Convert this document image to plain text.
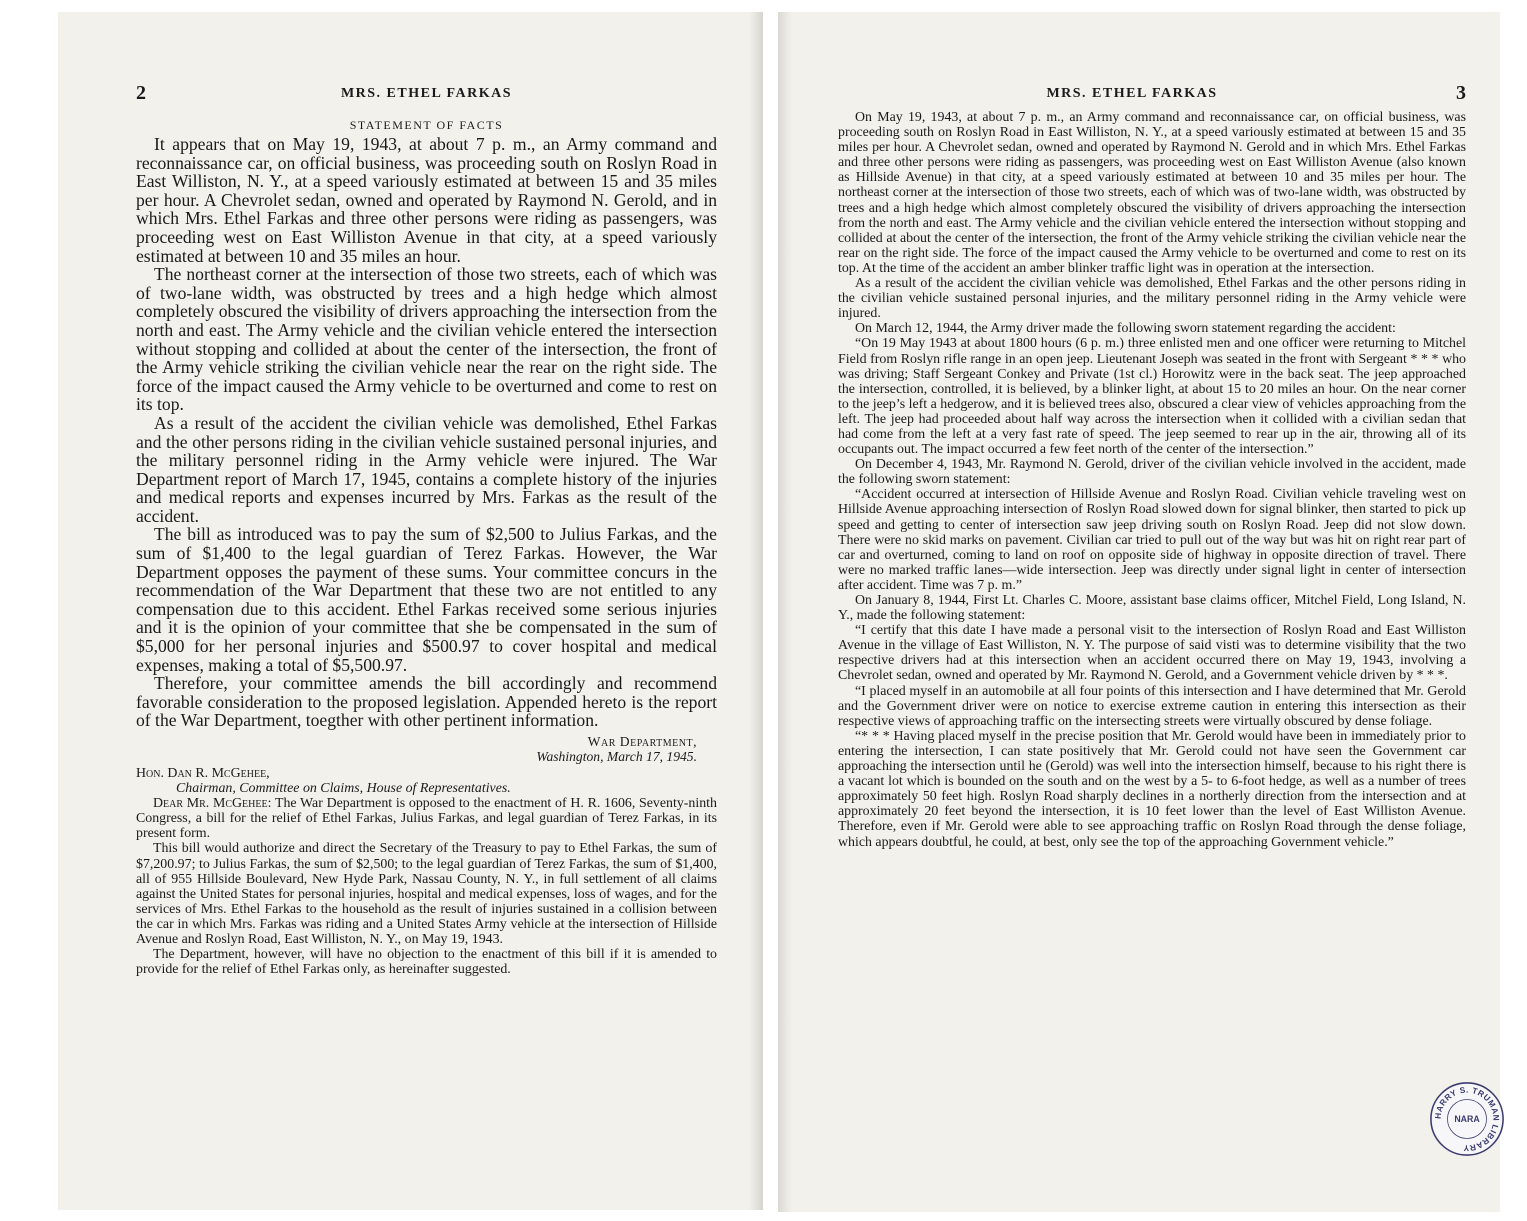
2	MRS. ETHEL FARKAS
STATEMENT OF FACTS

It appears that on May 19, 1943, at about 7 p. m., an Army command and reconnaissance car, on official business, was proceeding south on Roslyn Road in East Williston, N. Y., at a speed variously estimated at between 15 and 35 miles per hour. A Chevrolet sedan, owned and operated by Raymond N. Gerold, and in which Mrs. Ethel Farkas and three other persons were riding as passengers, was proceeding west on East Williston Avenue in that city, at a speed variously estimated at between 10 and 35 miles an hour.

The northeast corner at the intersection of those two streets, each of which was of two-lane width, was obstructed by trees and a high hedge which almost completely obscured the visibility of drivers approaching the intersection from the north and east. The Army vehicle and the civilian vehicle entered the intersection without stopping and collided at about the center of the intersection, the front of the Army vehicle striking the civilian vehicle near the rear on the right side. The force of the impact caused the Army vehicle to be overturned and come to rest on its top.

As a result of the accident the civilian vehicle was demolished, Ethel Farkas and the other persons riding in the civilian vehicle sustained personal injuries, and the military personnel riding in the Army vehicle were injured. The War Department report of March 17, 1945, contains a complete history of the injuries and medical reports and expenses incurred by Mrs. Farkas as the result of the accident.

The bill as introduced was to pay the sum of $2,500 to Julius Farkas, and the sum of $1,400 to the legal guardian of Terez Farkas. However, the War Department opposes the payment of these sums. Your committee concurs in the recommendation of the War Department that these two are not entitled to any compensation due to this accident. Ethel Farkas received some serious injuries and it is the opinion of your committee that she be compensated in the sum of $5,000 for her personal injuries and $500.97 to cover hospital and medical expenses, making a total of $5,500.97.

Therefore, your committee amends the bill accordingly and recommend favorable consideration to the proposed legislation. Appended hereto is the report of the War Department, toegther with other pertinent information.

War Department,
Washington, March 17, 1945.
Hon. Dan R. McGehee,
Chairman, Committee on Claims, House of Representatives.

Dear Mr. McGehee: The War Department is opposed to the enactment of H. R. 1606, Seventy-ninth Congress, a bill for the relief of Ethel Farkas, Julius Farkas, and legal guardian of Terez Farkas, in its present form.

This bill would authorize and direct the Secretary of the Treasury to pay to Ethel Farkas, the sum of $7,200.97; to Julius Farkas, the sum of $2,500; to the legal guardian of Terez Farkas, the sum of $1,400, all of 955 Hillside Boulevard, New Hyde Park, Nassau County, N. Y., in full settlement of all claims against the United States for personal injuries, hospital and medical expenses, loss of wages, and for the services of Mrs. Ethel Farkas to the household as the result of injuries sustained in a collision between the car in which Mrs. Farkas was riding and a United States Army vehicle at the intersection of Hillside Avenue and Roslyn Road, East Williston, N. Y., on May 19, 1943.

The Department, however, will have no objection to the enactment of this bill if it is amended to provide for the relief of Ethel Farkas only, as hereinafter suggested.

MRS. ETHEL FARKAS	3

On May 19, 1943, at about 7 p. m., an Army command and reconnaissance car, on official business, was proceeding south on Roslyn Road in East Williston, N. Y., at a speed variously estimated at between 15 and 35 miles per hour. A Chevrolet sedan, owned and operated by Raymond N. Gerold and in which Mrs. Ethel Farkas and three other persons were riding as passengers, was proceeding west on East Williston Avenue (also known as Hillside Avenue) in that city, at a speed variously estimated at between 10 and 35 miles per hour. The northeast corner at the intersection of those two streets, each of which was of two-lane width, was obstructed by trees and a high hedge which almost completely obscured the visibility of drivers approaching the intersection from the north and east. The Army vehicle and the civilian vehicle entered the intersection without stopping and collided at about the center of the intersection, the front of the Army vehicle striking the civilian vehicle near the rear on the right side. The force of the impact caused the Army vehicle to be overturned and come to rest on its top. At the time of the accident an amber blinker traffic light was in operation at the intersection.

As a result of the accident the civilian vehicle was demolished, Ethel Farkas and the other persons riding in the civilian vehicle sustained personal injuries, and the military personnel riding in the Army vehicle were injured.

On March 12, 1944, the Army driver made the following sworn statement regarding the accident:

“On 19 May 1943 at about 1800 hours (6 p. m.) three enlisted men and one officer were returning to Mitchel Field from Roslyn rifle range in an open jeep. Lieutenant Joseph was seated in the front with Sergeant * * * who was driving; Staff Sergeant Conkey and Private (1st cl.) Horowitz were in the back seat. The jeep approached the intersection, controlled, it is believed, by a blinker light, at about 15 to 20 miles an hour. On the near corner to the jeep’s left a hedgerow, and it is believed trees also, obscured a clear view of vehicles approaching from the left. The jeep had proceeded about half way across the intersection when it collided with a civilian sedan that had come from the left at a very fast rate of speed. The jeep seemed to rear up in the air, throwing all of its occupants out. The impact occurred a few feet north of the center of the intersection.”

On December 4, 1943, Mr. Raymond N. Gerold, driver of the civilian vehicle involved in the accident, made the following sworn statement:

“Accident occurred at intersection of Hillside Avenue and Roslyn Road. Civilian vehicle traveling west on Hillside Avenue approaching intersection of Roslyn Road slowed down for signal blinker, then started to pick up speed and getting to center of intersection saw jeep driving south on Roslyn Road. Jeep did not slow down. There were no skid marks on pavement. Civilian car tried to pull out of the way but was hit on right rear part of car and overturned, coming to land on roof on opposite side of highway in opposite direction of travel. There were no marked traffic lanes—wide intersection. Jeep was directly under signal light in center of intersection after accident. Time was 7 p. m.”

On January 8, 1944, First Lt. Charles C. Moore, assistant base claims officer, Mitchel Field, Long Island, N. Y., made the following statement:

“I certify that this date I have made a personal visit to the intersection of Roslyn Road and East Williston Avenue in the village of East Williston, N. Y. The purpose of said visti was to determine visibility that the two respective drivers had at this intersection when an accident occurred there on May 19, 1943, involving a Chevrolet sedan, owned and operated by Mr. Raymond N. Gerold, and a Government vehicle driven by * * *.

“I placed myself in an automobile at all four points of this intersection and I have determined that Mr. Gerold and the Government driver were on notice to exercise extreme caution in entering this intersection as their respective views of approaching traffic on the intersecting streets were virtually obscured by dense foliage.

“* * * Having placed myself in the precise position that Mr. Gerold would have been in immediately prior to entering the intersection, I can state positively that Mr. Gerold could not have seen the Government car approaching the intersection until he (Gerold) was well into the intersection himself, because to his right there is a vacant lot which is bounded on the south and on the west by a 5- to 6-foot hedge, as well as a number of trees approximately 50 feet high. Roslyn Road sharply declines in a northerly direction from the intersection and at approximately 20 feet beyond the intersection, it is 10 feet lower than the level of East Williston Avenue. Therefore, even if Mr. Gerold were able to see approaching traffic on Roslyn Road through the dense foliage, which appears doubtful, he could, at best, only see the top of the approaching Government vehicle.”

HARRY S. TRUMAN LIBRARY
NARA
